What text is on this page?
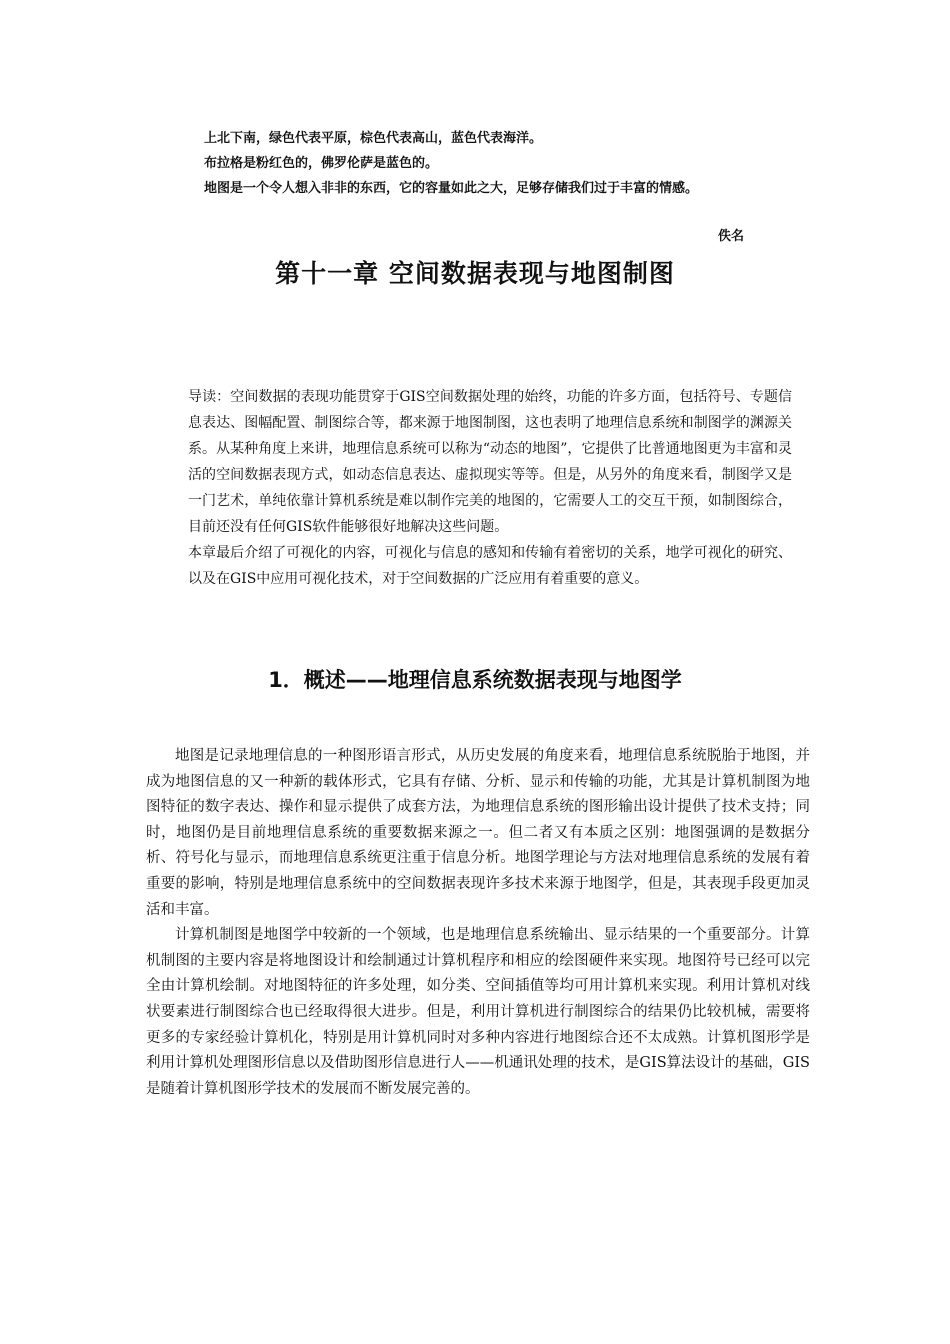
上北下南，绿色代表平原，棕色代表高山，蓝色代表海洋。

布拉格是粉红色的，佛罗伦萨是蓝色的。

地图是一个令人想入非非的东西，它的容量如此之大，足够存储我们过于丰富的情感。

佚名
第十一章 空间数据表现与地图制图

导读：空间数据的表现功能贯穿于GIS空间数据处理的始终，功能的许多方面，包括符号、专题信息表达、图幅配置、制图综合等，都来源于地图制图，这也表明了地理信息系统和制图学的渊源关系。从某种角度上来讲，地理信息系统可以称为“动态的地图”，它提供了比普通地图更为丰富和灵活的空间数据表现方式，如动态信息表达、虚拟现实等等。但是，从另外的角度来看，制图学又是一门艺术，单纯依靠计算机系统是难以制作完美的地图的，它需要人工的交互干预，如制图综合，目前还没有任何GIS软件能够很好地解决这些问题。

本章最后介绍了可视化的内容，可视化与信息的感知和传输有着密切的关系，地学可视化的研究、以及在GIS中应用可视化技术，对于空间数据的广泛应用有着重要的意义。

1．概述——地理信息系统数据表现与地图学

地图是记录地理信息的一种图形语言形式，从历史发展的角度来看，地理信息系统脱胎于地图，并成为地图信息的又一种新的载体形式，它具有存储、分析、显示和传输的功能，尤其是计算机制图为地图特征的数字表达、操作和显示提供了成套方法，为地理信息系统的图形输出设计提供了技术支持；同时，地图仍是目前地理信息系统的重要数据来源之一。但二者又有本质之区别：地图强调的是数据分析、符号化与显示，而地理信息系统更注重于信息分析。地图学理论与方法对地理信息系统的发展有着重要的影响，特别是地理信息系统中的空间数据表现许多技术来源于地图学，但是，其表现手段更加灵活和丰富。

计算机制图是地图学中较新的一个领域，也是地理信息系统输出、显示结果的一个重要部分。计算机制图的主要内容是将地图设计和绘制通过计算机程序和相应的绘图硬件来实现。地图符号已经可以完全由计算机绘制。对地图特征的许多处理，如分类、空间插值等均可用计算机来实现。利用计算机对线状要素进行制图综合也已经取得很大进步。但是，利用计算机进行制图综合的结果仍比较机械，需要将更多的专家经验计算机化，特别是用计算机同时对多种内容进行地图综合还不太成熟。计算机图形学是利用计算机处理图形信息以及借助图形信息进行人——机通讯处理的技术，是GIS算法设计的基础，GIS是随着计算机图形学技术的发展而不断发展完善的。
